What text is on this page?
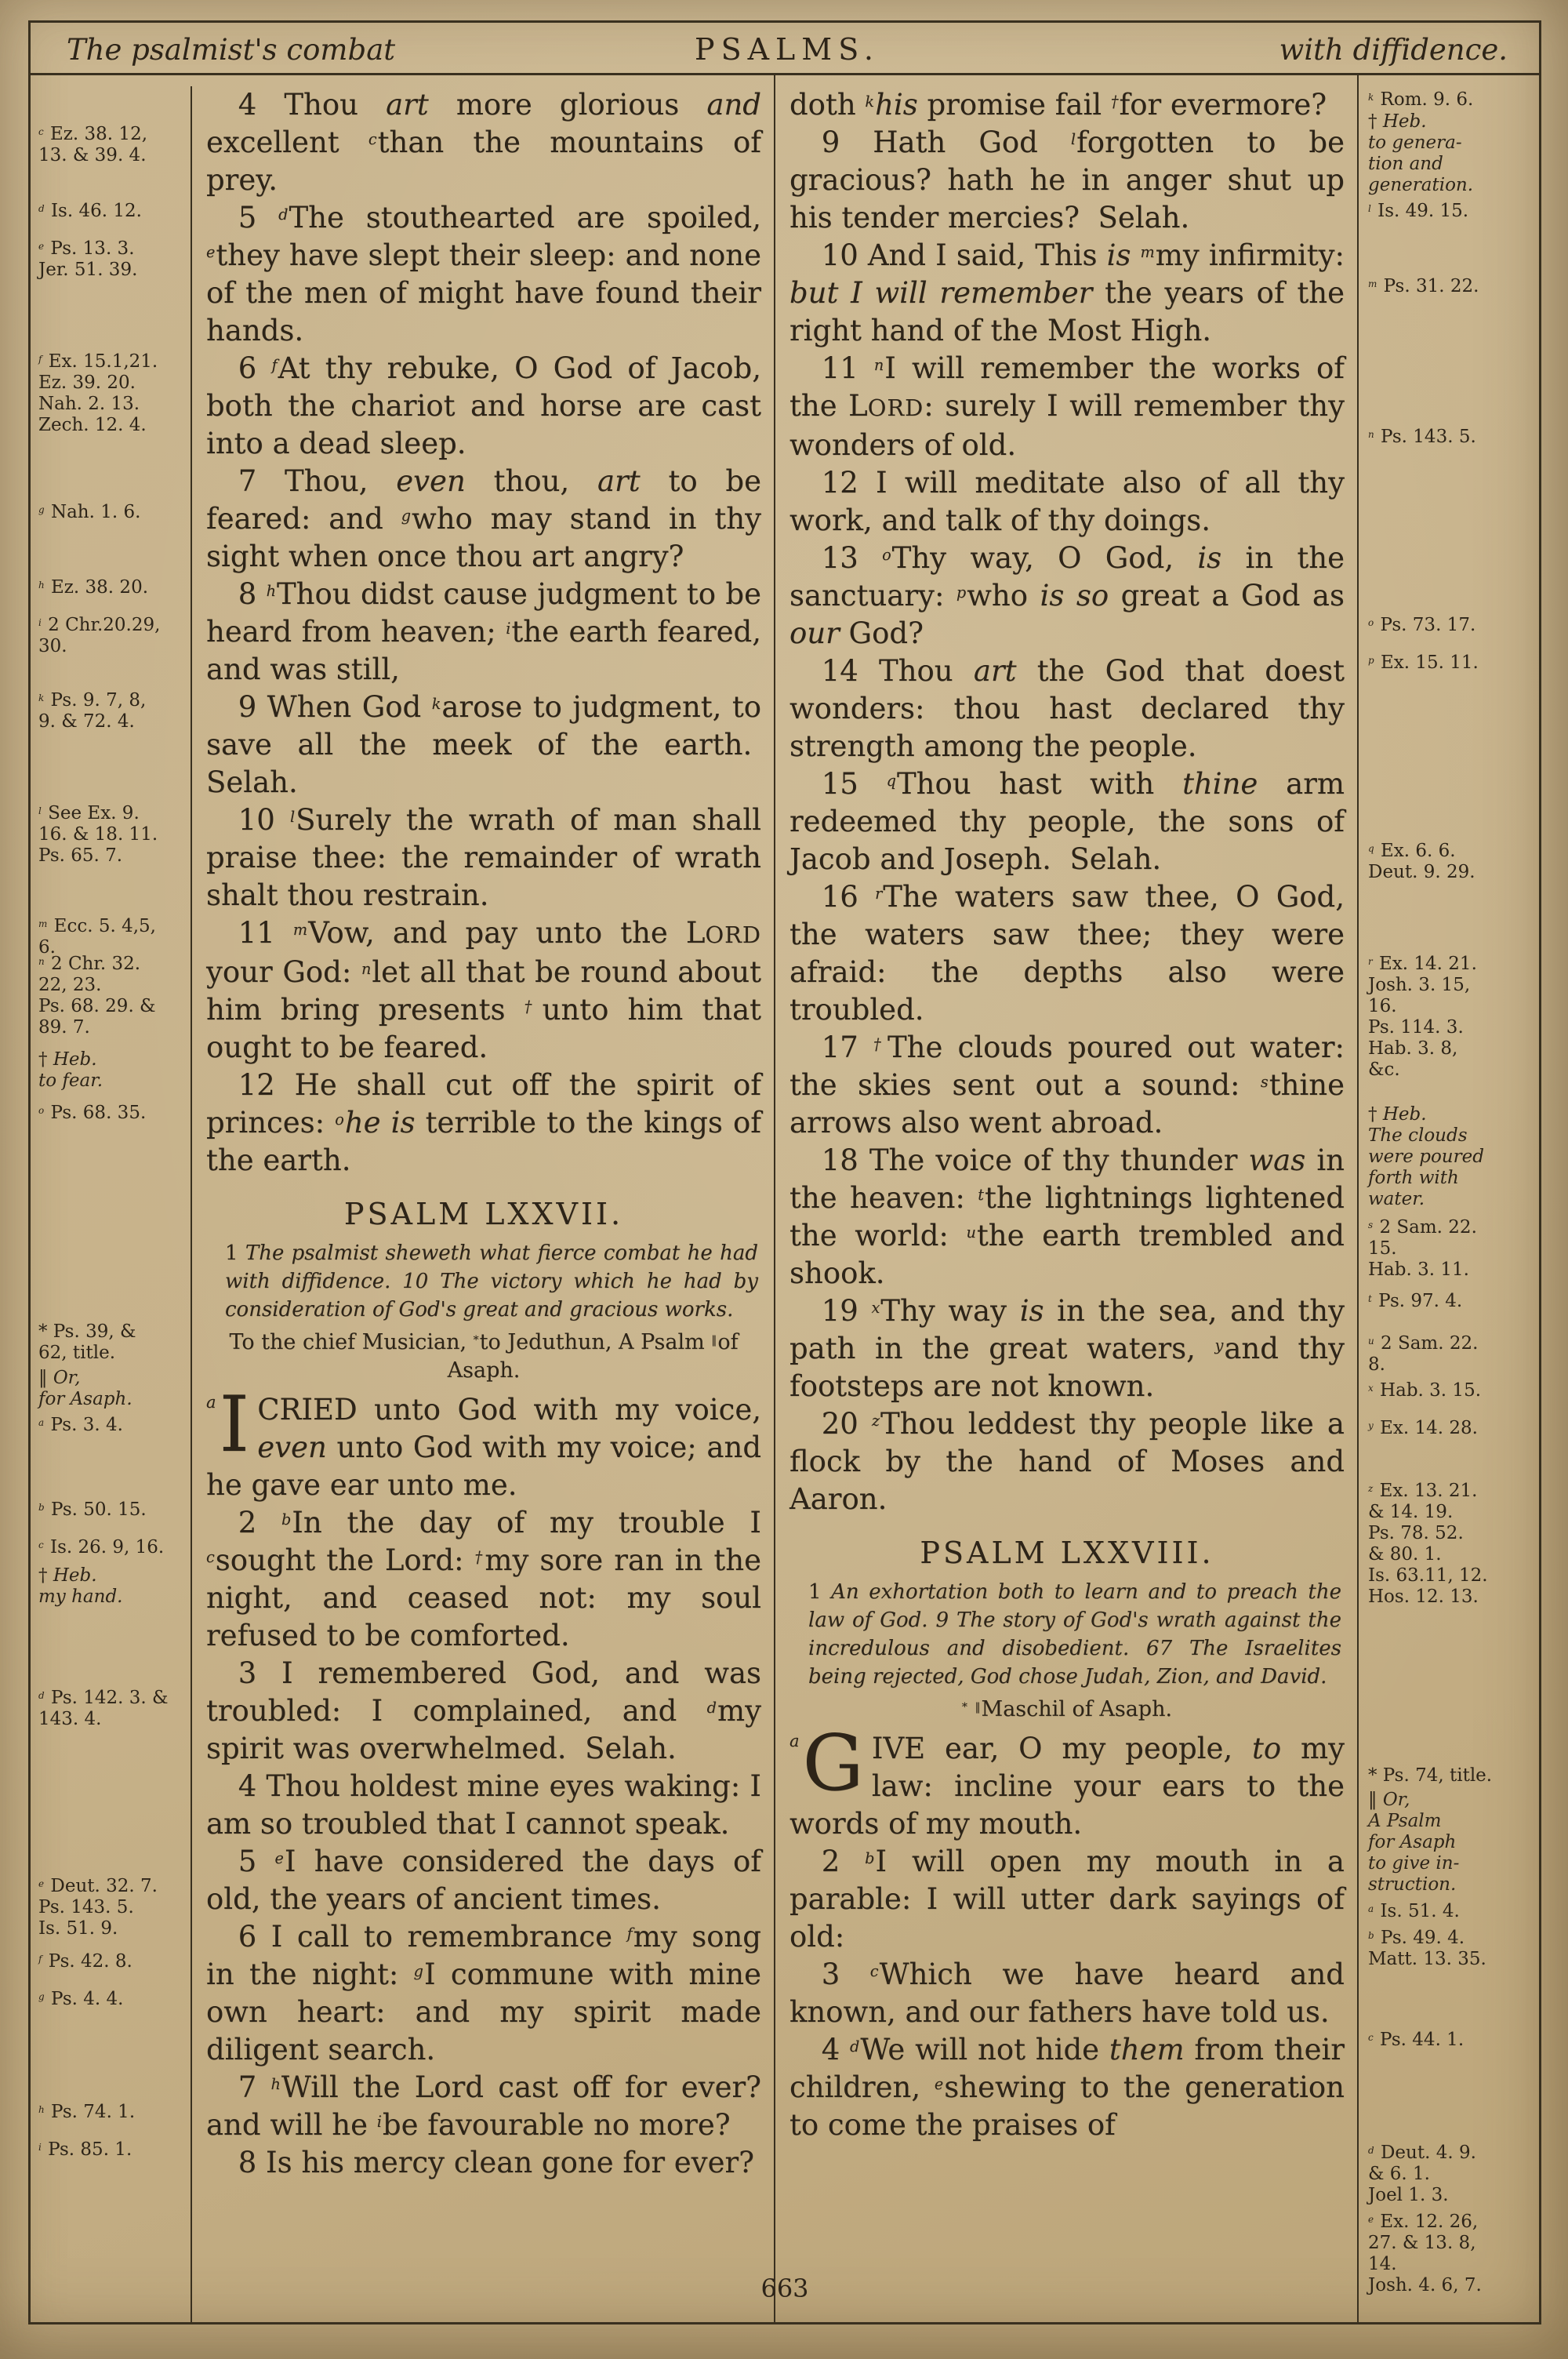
The psalmist's combat	PSALMS.	with diffidence.
$^c$ Ez. 38. 12,
13. & 39. 4.
$^d$ Is. 46. 12.
$^e$ Ps. 13. 3.
Jer. 51. 39.
$^f$ Ex. 15.1,21.
Ez. 39. 20.
Nah. 2. 13.
Zech. 12. 4.
$^g$ Nah. 1. 6.
$^h$ Ez. 38. 20.
$^i$ 2 Chr.20.29,
30.
$^k$ Ps. 9. 7, 8,
9. & 72. 4.
$^l$ See Ex. 9.
16. & 18. 11.
Ps. 65. 7.
$^m$ Ecc. 5. 4,5,
6.
$^n$ 2 Chr. 32.
22, 23.
Ps. 68. 29. &
89. 7.
† Heb.
to fear.
$^o$ Ps. 68. 35.
* Ps. 39, &
62, title.
‖ Or,
for Asaph.
$^a$ Ps. 3. 4.
$^b$ Ps. 50. 15.
$^c$ Is. 26. 9, 16.
† Heb.
my hand.
$^d$ Ps. 142. 3. &
143. 4.
$^e$ Deut. 32. 7.
Ps. 143. 5.
Is. 51. 9.
$^f$ Ps. 42. 8.
$^g$ Ps. 4. 4.
$^h$ Ps. 74. 1.
$^i$ Ps. 85. 1.

4 Thou art more glorious and excellent $^c$than the mountains of prey.

5 $^d$The stouthearted are spoiled, $^e$they have slept their sleep: and none of the men of might have found their hands.

6 $^f$At thy rebuke, O God of Jacob, both the chariot and horse are cast into a dead sleep.

7 Thou, even thou, art to be feared: and $^g$who may stand in thy sight when once thou art angry?

8 $^h$Thou didst cause judgment to be heard from heaven; $^i$the earth feared, and was still,

9 When God $^k$arose to judgment, to save all the meek of the earth.  Selah.

10 $^l$Surely the wrath of man shall praise thee: the remainder of wrath shalt thou restrain.

11 $^m$Vow, and pay unto the LORD your God: $^n$let all that be round about him bring presents †unto him that ought to be feared.

12 He shall cut off the spirit of princes: $^o$he is terrible to the kings of the earth.

PSALM LXXVII.

1 The psalmist sheweth what fierce combat he had with diffidence. 10 The victory which he had by consideration of God's great and gracious works.

To the chief Musician, *to Jeduthun, A Psalm ‖of Asaph.

a I CRIED unto God with my voice, even unto God with my voice; and he gave ear unto me.

2 $^b$In the day of my trouble I $^c$sought the Lord: †my sore ran in the night, and ceased not: my soul refused to be comforted.

3 I remembered God, and was troubled: I complained, and $^d$my spirit was overwhelmed.  Selah.

4 Thou holdest mine eyes waking: I am so troubled that I cannot speak.

5 $^e$I have considered the days of old, the years of ancient times.

6 I call to remembrance $^f$my song in the night: $^g$I commune with mine own heart: and my spirit made diligent search.

7 $^h$Will the Lord cast off for ever? and will he $^i$be favourable no more?

8 Is his mercy clean gone for ever?

doth $^k$his promise fail †for evermore?

9 Hath God $^l$forgotten to be gracious? hath he in anger shut up his tender mercies?  Selah.

10 And I said, This is $^m$my infirmity: but I will remember the years of the right hand of the Most High.

11 $^n$I will remember the works of the LORD: surely I will remember thy wonders of old.

12 I will meditate also of all thy work, and talk of thy doings.

13 $^o$Thy way, O God, is in the sanctuary: $^p$who is so great a God as our God?

14 Thou art the God that doest wonders: thou hast declared thy strength among the people.

15 $^q$Thou hast with thine arm redeemed thy people, the sons of Jacob and Joseph.  Selah.

16 $^r$The waters saw thee, O God, the waters saw thee; they were afraid: the depths also were troubled.

17 †The clouds poured out water: the skies sent out a sound: $^s$thine arrows also went abroad.

18 The voice of thy thunder was in the heaven: $^t$the lightnings lightened the world: $^u$the earth trembled and shook.

19 $^x$Thy way is in the sea, and thy path in the great waters, $^y$and thy footsteps are not known.

20 $^z$Thou leddest thy people like a flock by the hand of Moses and Aaron.

PSALM LXXVIII.

1 An exhortation both to learn and to preach the law of God. 9 The story of God's wrath against the incredulous and disobedient. 67 The Israelites being rejected, God chose Judah, Zion, and David.

* ‖Maschil of Asaph.

a G IVE ear, O my people, to my law: incline your ears to the words of my mouth.

2 $^b$I will open my mouth in a parable: I will utter dark sayings of old:

3 $^c$Which we have heard and known, and our fathers have told us.

4 $^d$We will not hide them from their children, $^e$shewing to the generation to come the praises of

$^k$ Rom. 9. 6.
† Heb.
to genera-
tion and
generation.
$^l$ Is. 49. 15.
$^m$ Ps. 31. 22.
$^n$ Ps. 143. 5.
$^o$ Ps. 73. 17.
$^p$ Ex. 15. 11.
$^q$ Ex. 6. 6.
Deut. 9. 29.
$^r$ Ex. 14. 21.
Josh. 3. 15,
16.
Ps. 114. 3.
Hab. 3. 8,
&c.
† Heb.
The clouds
were poured
forth with
water.
$^s$ 2 Sam. 22.
15.
Hab. 3. 11.
$^t$ Ps. 97. 4.
$^u$ 2 Sam. 22.
8.
$^x$ Hab. 3. 15.
$^y$ Ex. 14. 28.
$^z$ Ex. 13. 21.
& 14. 19.
Ps. 78. 52.
& 80. 1.
Is. 63.11, 12.
Hos. 12. 13.
* Ps. 74, title.
‖ Or,
A Psalm
for Asaph
to give in-
struction.
$^a$ Is. 51. 4.
$^b$ Ps. 49. 4.
Matt. 13. 35.
$^c$ Ps. 44. 1.
$^d$ Deut. 4. 9.
& 6. 1.
Joel 1. 3.
$^e$ Ex. 12. 26,
27. & 13. 8,
14.
Josh. 4. 6, 7.
663
